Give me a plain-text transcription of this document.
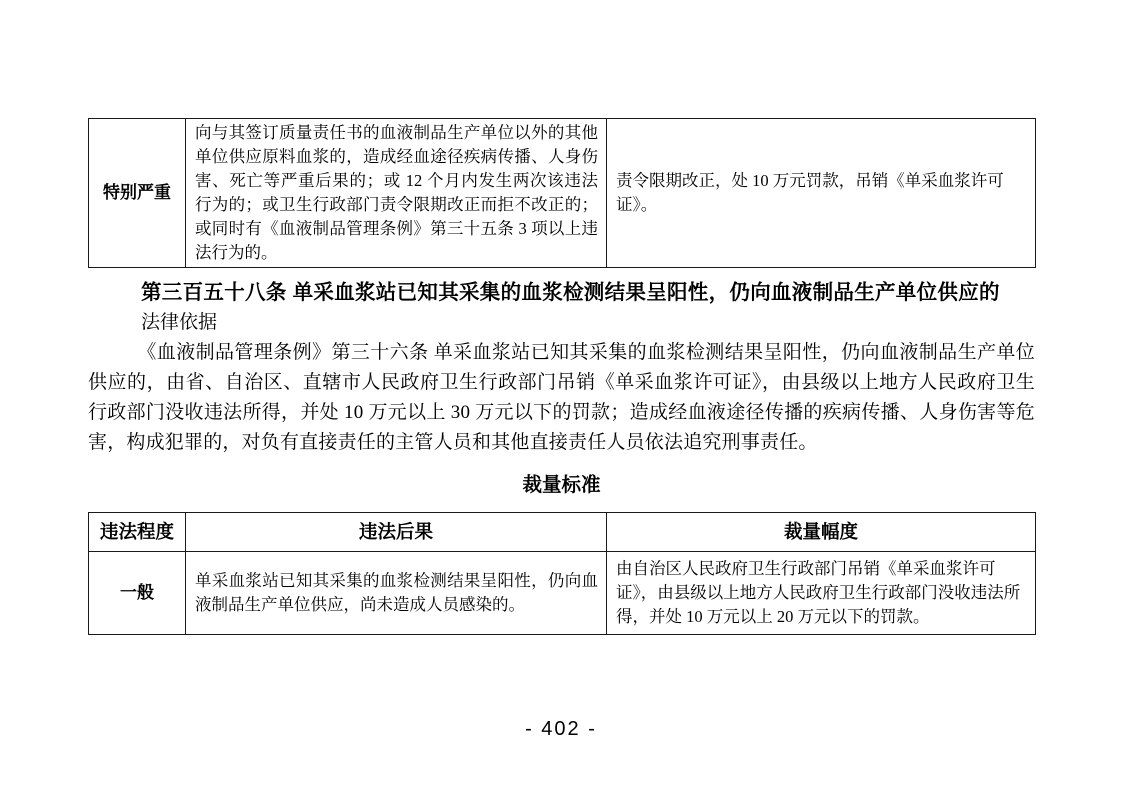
特别严重	向与其签订质量责任书的血液制品生产单位以外的其他单位供应原料血浆的，造成经血途径疾病传播、人身伤害、死亡等严重后果的；或 12 个月内发生两次该违法行为的；或卫生行政部门责令限期改正而拒不改正的；或同时有《血液制品管理条例》第三十五条 3 项以上违法行为的。	责令限期改正，处 10 万元罚款，吊销《单采血浆许可证》。
第三百五十八条 单采血浆站已知其采集的血浆检测结果呈阳性，仍向血液制品生产单位供应的
法律依据

《血液制品管理条例》第三十六条 单采血浆站已知其采集的血浆检测结果呈阳性，仍向血液制品生产单位供应的，由省、自治区、直辖市人民政府卫生行政部门吊销《单采血浆许可证》，由县级以上地方人民政府卫生行政部门没收违法所得，并处 10 万元以上 30 万元以下的罚款；造成经血液途径传播的疾病传播、人身伤害等危害，构成犯罪的，对负有直接责任的主管人员和其他直接责任人员依法追究刑事责任。

裁量标准
违法程度	违法后果	裁量幅度
一般	单采血浆站已知其采集的血浆检测结果呈阳性，仍向血液制品生产单位供应，尚未造成人员感染的。	由自治区人民政府卫生行政部门吊销《单采血浆许可证》，由县级以上地方人民政府卫生行政部门没收违法所得，并处 10 万元以上 20 万元以下的罚款。
- 402 -
